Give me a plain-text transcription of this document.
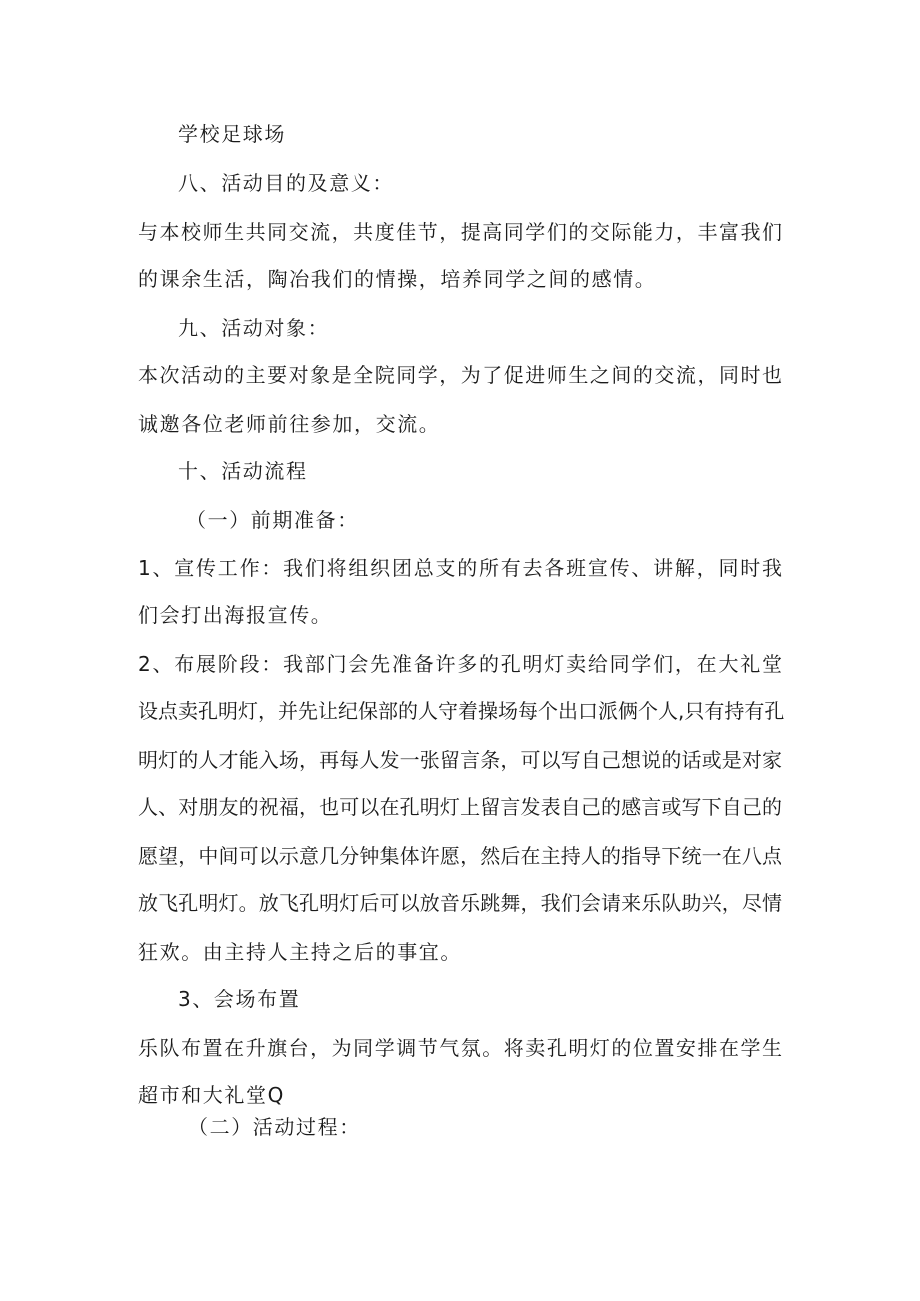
学校足球场
八、活动目的及意义：
与本校师生共同交流，共度佳节，提高同学们的交际能力，丰富我们
的课余生活，陶冶我们的情操，培养同学之间的感情。
九、活动对象：
本次活动的主要对象是全院同学，为了促进师生之间的交流，同时也
诚邀各位老师前往参加，交流。
十、活动流程
（一）前期准备：
1、宣传工作：我们将组织团总支的所有去各班宣传、讲解，同时我
们会打出海报宣传。
2、布展阶段：我部门会先准备许多的孔明灯卖给同学们，在大礼堂
设点卖孔明灯，并先让纪保部的人守着操场每个出口派俩个人,只有持有孔
明灯的人才能入场，再每人发一张留言条，可以写自己想说的话或是对家
人、对朋友的祝福，也可以在孔明灯上留言发表自己的感言或写下自己的
愿望，中间可以示意几分钟集体许愿，然后在主持人的指导下统一在八点
放飞孔明灯。放飞孔明灯后可以放音乐跳舞，我们会请来乐队助兴，尽情
狂欢。由主持人主持之后的事宜。
3、会场布置
乐队布置在升旗台，为同学调节气氛。将卖孔明灯的位置安排在学生
超市和大礼堂Q
（二）活动过程：
